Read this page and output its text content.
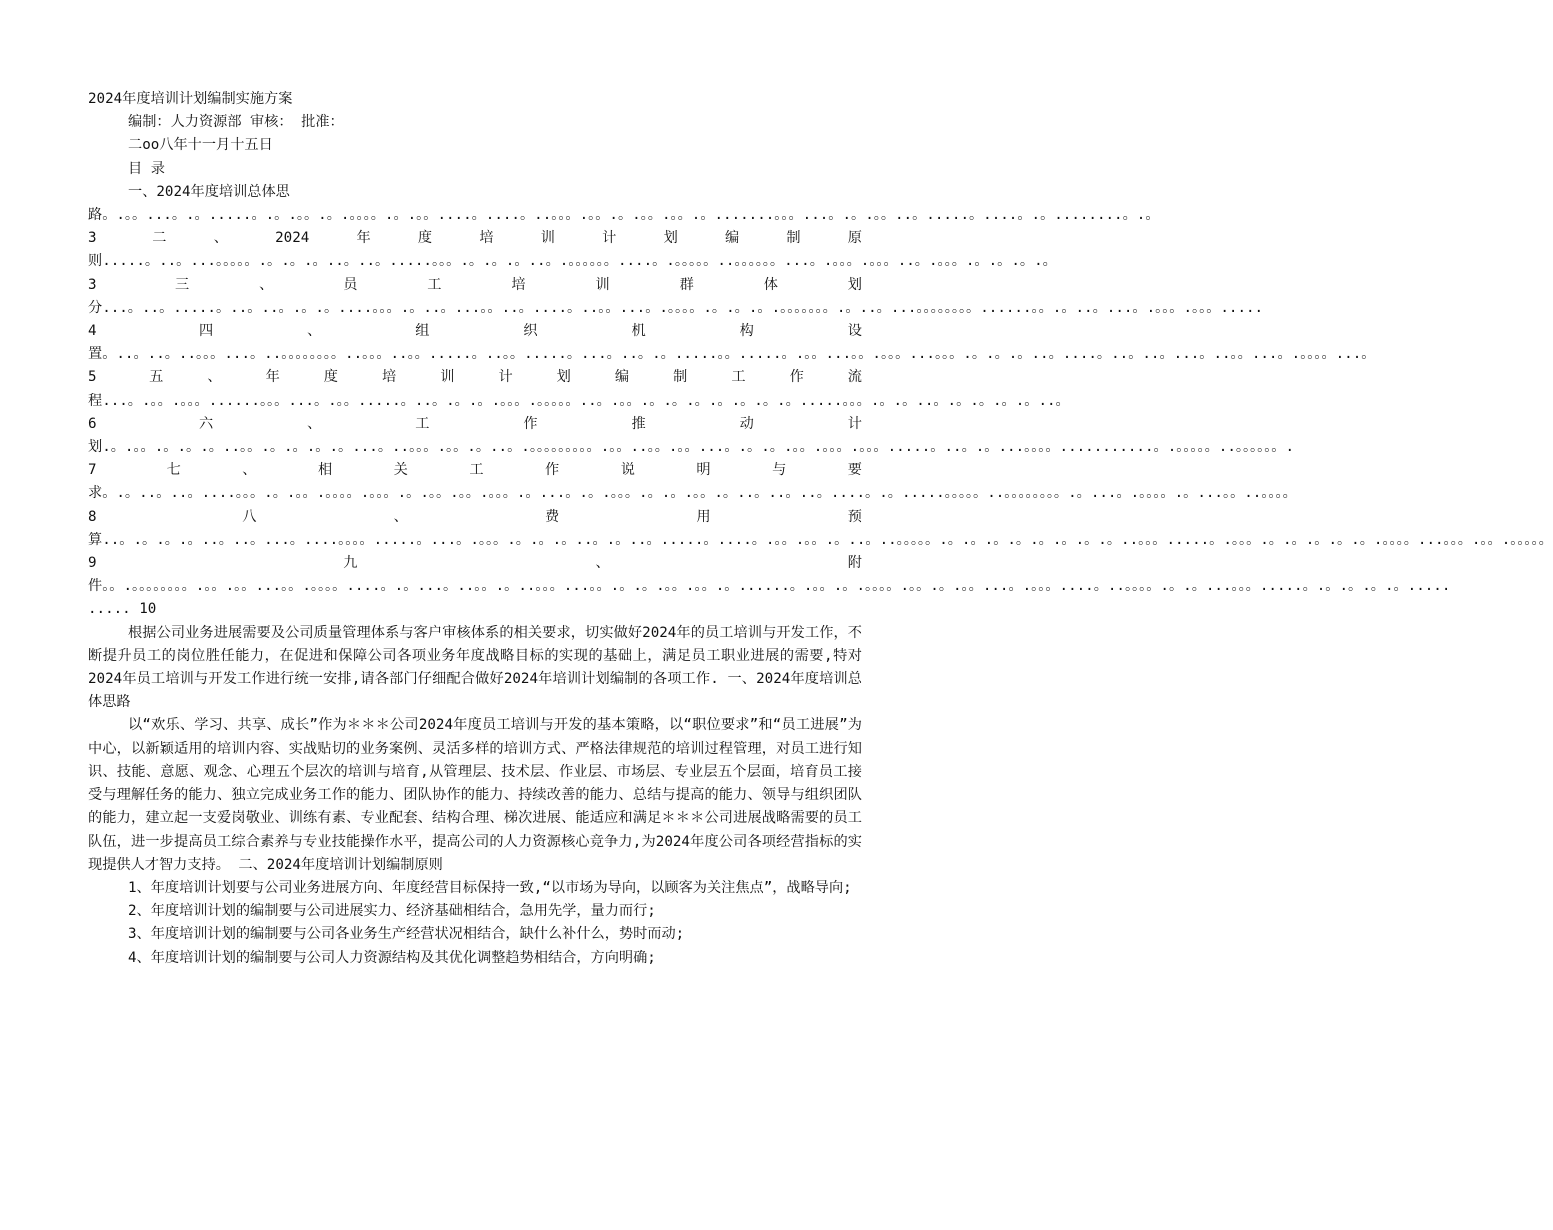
2024年度培训计划编制实施方案
编制：人力资源部 审核： 批准：
二oo八年十一月十五日
目 录
一、2024年度培训总体思
路。.。。...。.。.....。.。.。。.。.。。。。.。.。。....。....。..。。。.。。.。.。。.。。.。.......。。。...。.。.。。..。.....。....。.。........。.。 3 二、2024年度培训计划编制原则.....。..。...。。。。。.。.。.。..。..。.....。。。.。.。.。..。.。。。。。。....。.。。。。。..。。。。。。...。.。。。.。。。..。.。。。.。.。.。.。 3 三、员工培训群体划分...。..。.....。..。..。.。.。....。。。.。..。...。。..。....。..。。...。.。。。。.。.。.。.。。。。。。。.。..。...。。。。。。。。......。。.。..。...。.。。。.。。。..... 4 四、组织机构设置。..。..。..。。。...。..。。。。。。。。..。。。..。。.....。..。。.....。...。..。.。.....。。.....。.。。...。。.。。。...。。。.。.。.。..。....。..。..。...。..。。...。.。。。。...。 5 五、年度培训计划编制工作流程...。.。。.。。。......。。。...。.。。.....。..。.。.。.。。。.。。。。。..。.。。.。.。.。.。.。.。.。.....。。。.。.。..。.。.。.。.。..。 6 六、工作推动计划.。.。。.。.。.。..。。.。.。.。.。...。..。。。.。。.。..。.。。。。。。。。。.。。..。。.。。...。.。.。.。。.。。。.。。。.....。..。.。...。。。。...........。.。。。。。..。。。。。。. 7 七、相关工作说明与要求。.。..。..。....。。。.。.。。.。。。。.。。。.。.。。.。。.。。。.。...。.。.。。。.。.。.。。.。..。..。..。....。.。.....。。。。。..。。。。。。。。.。...。.。。。。.。...。。..。。。。 8 八、费用预算..。.。.。.。..。..。...。....。。。。.....。...。.。。。.。.。.。..。.。..。.....。....。.。。.。。.。..。..。。。。。.。.。.。.。.。.。.。.。..。。。.....。.。。。.。.。.。.。.。.。。。。...。。。.。。.。。。。。 9 九、附件。。.。。。。。。。。.。。.。。...。。.。。。。....。.。...。..。。.。..。。。...。。.。.。.。。.。。.。......。.。。.。.。。。。.。。.。.。。...。.。。。....。..。。。。.。.。...。。。.....。.。.。.。.。..... ..... 10
根据公司业务进展需要及公司质量管理体系与客户审核体系的相关要求，切实做好2024年的员工培训与开发工作，不断提升员工的岗位胜任能力，在促进和保障公司各项业务年度战略目标的实现的基础上，满足员工职业进展的需要,特对2024年员工培训与开发工作进行统一安排,请各部门仔细配合做好2024年培训计划编制的各项工作. 一、2024年度培训总体思路
以“欢乐、学习、共享、成长”作为＊＊＊公司2024年度员工培训与开发的基本策略，以“职位要求”和“员工进展”为中心，以新颖适用的培训内容、实战贴切的业务案例、灵活多样的培训方式、严格法律规范的培训过程管理，对员工进行知识、技能、意愿、观念、心理五个层次的培训与培育,从管理层、技术层、作业层、市场层、专业层五个层面，培育员工接受与理解任务的能力、独立完成业务工作的能力、团队协作的能力、持续改善的能力、总结与提高的能力、领导与组织团队的能力，建立起一支爱岗敬业、训练有素、专业配套、结构合理、梯次进展、能适应和满足＊＊＊公司进展战略需要的员工队伍，进一步提高员工综合素养与专业技能操作水平，提高公司的人力资源核心竞争力,为2024年度公司各项经营指标的实现提供人才智力支持。 二、2024年度培训计划编制原则
1、年度培训计划要与公司业务进展方向、年度经营目标保持一致,“以市场为导向，以顾客为关注焦点”，战略导向;
2、年度培训计划的编制要与公司进展实力、经济基础相结合，急用先学，量力而行;
3、年度培训计划的编制要与公司各业务生产经营状况相结合，缺什么补什么，势时而动;
4、年度培训计划的编制要与公司人力资源结构及其优化调整趋势相结合，方向明确;
